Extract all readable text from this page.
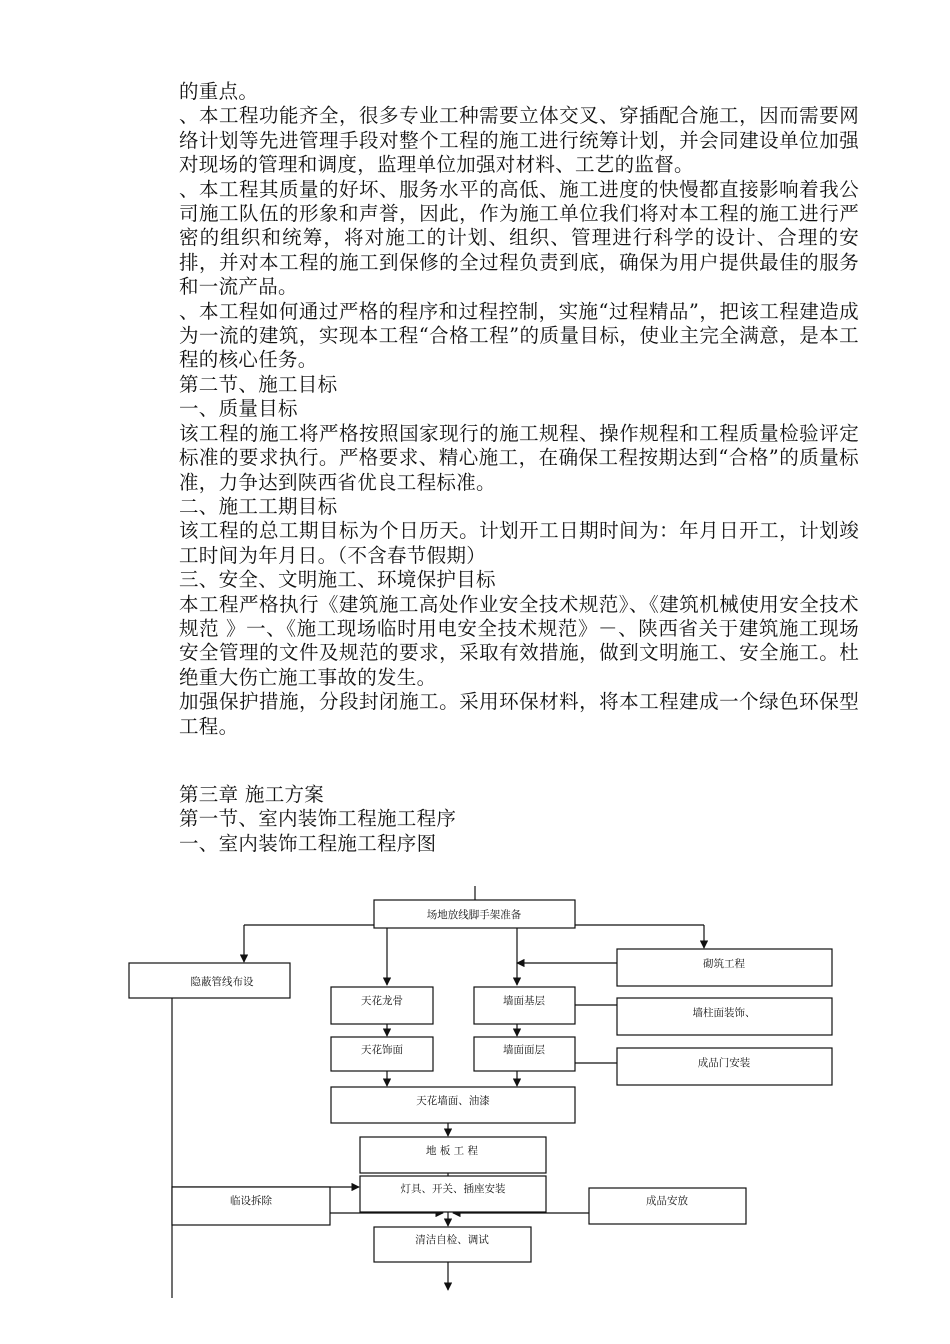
的重点。

、本工程功能齐全，很多专业工种需要立体交叉、穿插配合施工，因而需要网络计划等先进管理手段对整个工程的施工进行统筹计划，并会同建设单位加强对现场的管理和调度，监理单位加强对材料、工艺的监督。

、本工程其质量的好坏、服务水平的高低、施工进度的快慢都直接影响着我公司施工队伍的形象和声誉，因此，作为施工单位我们将对本工程的施工进行严密的组织和统筹，将对施工的计划、组织、管理进行科学的设计、合理的安排，并对本工程的施工到保修的全过程负责到底，确保为用户提供最佳的服务和一流产品。

、本工程如何通过严格的程序和过程控制，实施“过程精品”，把该工程建造成为一流的建筑，实现本工程“合格工程”的质量目标，使业主完全满意，是本工程的核心任务。

第二节、施工目标

一、质量目标

该工程的施工将严格按照国家现行的施工规程、操作规程和工程质量检验评定标准的要求执行。严格要求、精心施工，在确保工程按期达到“合格”的质量标准，力争达到陕西省优良工程标准。

二、施工工期目标

该工程的总工期目标为个日历天。计划开工日期时间为：年月日开工，计划竣工时间为年月日。（不含春节假期）

三、安全、文明施工、环境保护目标

本工程严格执行《建筑施工高处作业安全技术规范》、《建筑机械使用安全技术规范 》一、《施工现场临时用电安全技术规范》－、陕西省关于建筑施工现场安全管理的文件及规范的要求，采取有效措施，做到文明施工、安全施工。杜绝重大伤亡施工事故的发生。

加强保护措施，分段封闭施工。采用环保材料，将本工程建成一个绿色环保型工程。

第三章 施工方案

第一节、室内装饰工程施工程序

一、室内装饰工程施工程序图

场地放线脚手架准备
隐蔽管线布设
砌筑工程
天花龙骨	墙面基层
墙柱面装饰、
天花饰面	墙面面层
成品门安装
天花墙面、油漆
地 板 工 程
灯具、开关、插座安装
临设拆除	成品安放
清洁自检、调试
